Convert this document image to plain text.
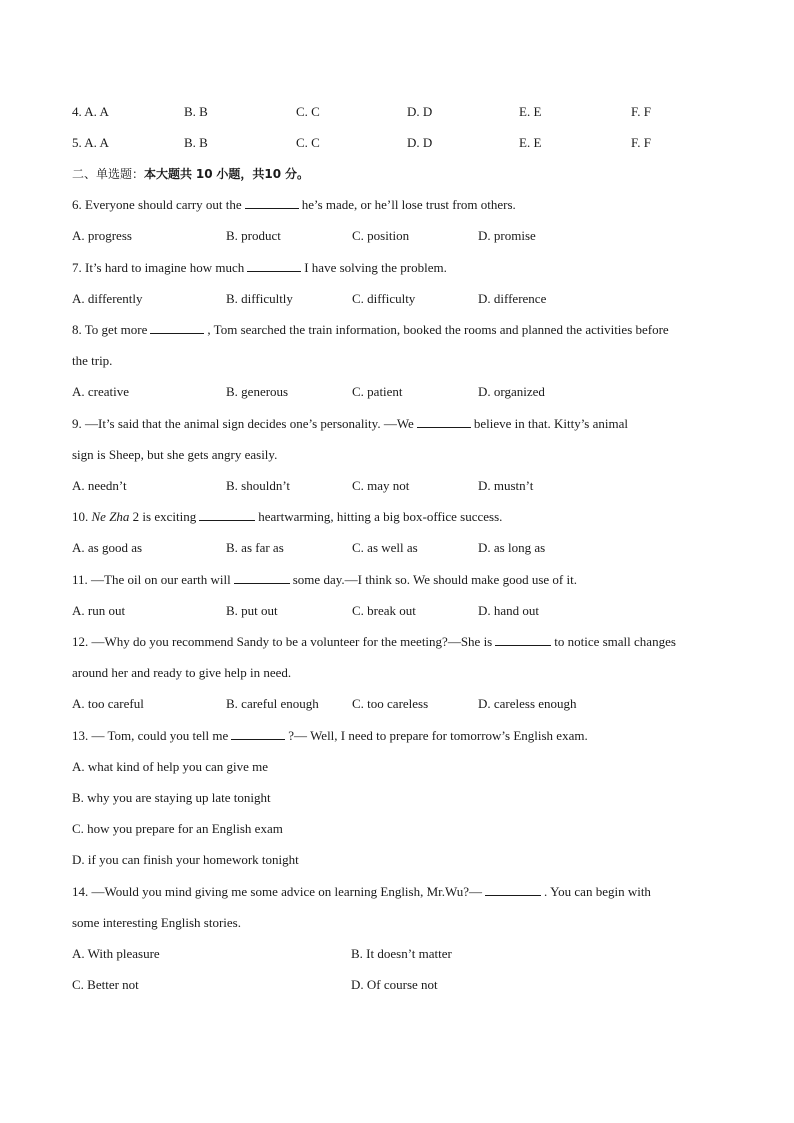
4. A. A	B. B	C. C	D. D	E. E	F. F
5. A. A	B. B	C. C	D. D	E. E	F. F
二、单选题：本大题共 10 小题，共10 分。
6. Everyone should carry out the	he’s made, or he’ll lose trust from others.
A. progress	B. product	C. position	D. promise
7. It’s hard to imagine how much	I have solving the problem.
A. differently	B. difficultly	C. difficulty	D. difference
8. To get more	, Tom searched the train information, booked the rooms and planned the activities before
the trip.
A. creative	B. generous	C. patient	D. organized
9. —It’s said that the animal sign decides one’s personality. —We	believe in that. Kitty’s animal
sign is Sheep, but she gets angry easily.
A. needn’t	B. shouldn’t	C. may not	D. mustn’t
10. Ne Zha 2 is exciting	heartwarming, hitting a big box-office success.
A. as good as	B. as far as	C. as well as	D. as long as
11. —The oil on our earth will	some day.—I think so. We should make good use of it.
A. run out	B. put out	C. break out	D. hand out
12. —Why do you recommend Sandy to be a volunteer for the meeting?—She is	to notice small changes
around her and ready to give help in need.
A. too careful	B. careful enough	C. too careless	D. careless enough
13. — Tom, could you tell me	?— Well, I need to prepare for tomorrow’s English exam.
A. what kind of help you can give me
B. why you are staying up late tonight
C. how you prepare for an English exam
D. if you can finish your homework tonight
14. —Would you mind giving me some advice on learning English, Mr.Wu?—	. You can begin with
some interesting English stories.
A. With pleasure	B. It doesn’t matter
C. Better not	D. Of course not
